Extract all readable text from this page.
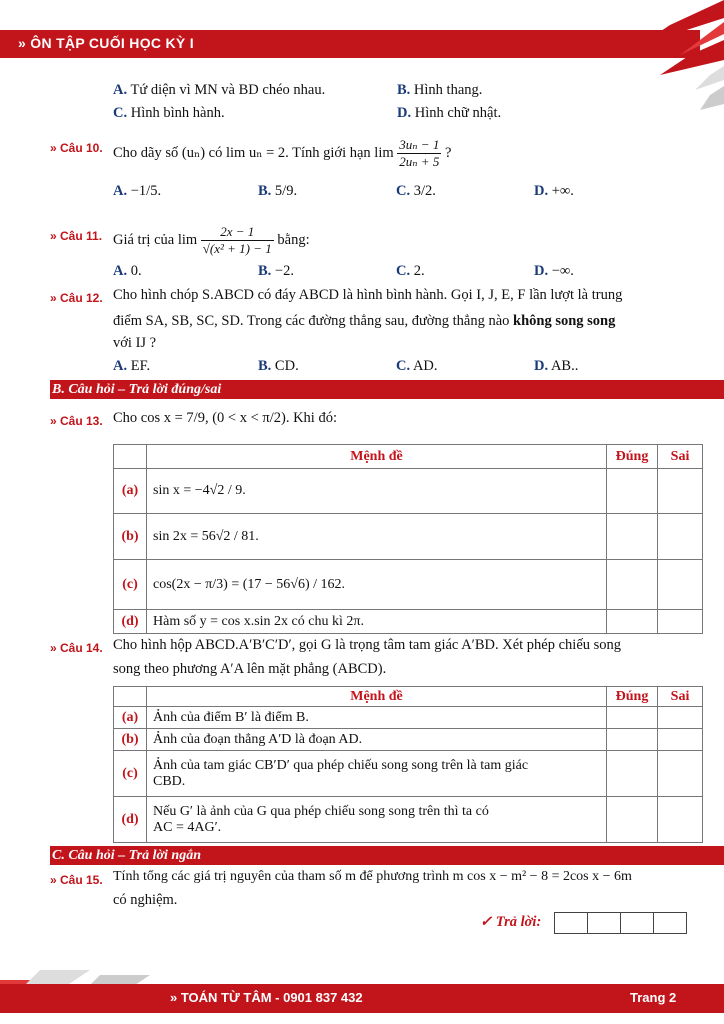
» ÔN TẬP CUỐI HỌC KỲ I
A. Tứ diện vì MN và BD chéo nhau.	B. Hình thang.
C. Hình bình hành.	D. Hình chữ nhật.
» Câu 10. Cho dãy số (uₙ) có lim uₙ = 2. Tính giới hạn $\lim \frac{\text{3uₙ − 1}}{\text{2uₙ + 5}}$ ?
A. −1/5.	B. 5/9.	C. 3/2.	D. +∞.
» Câu 11. Giá trị của $\lim \frac{2x - 1}{\text{√(x² + 1) − 1}}$ bằng:
A. 0.	B. −2.	C. 2.	D. −∞.
» Câu 12. Cho hình chóp S.ABCD có đáy ABCD là hình bình hành. Gọi I, J, E, F lần lượt là trung
điểm SA, SB, SC, SD. Trong các đường thẳng sau, đường thẳng nào không song song
với IJ ?
A. EF.	B. CD.	C. AD.	D. AB..
B. Câu hỏi – Trả lời đúng/sai
» Câu 13. Cho cos x = 7/9, (0 < x < π/2). Khi đó:
	Mệnh đề	Đúng	Sai
(a)	sin x = −4√2 / 9.		
(b)	sin 2x = 56√2 / 81.		
(c)	cos(2x − π/3) = (17 − 56√6) / 162.		
(d)	Hàm số y = cos x.sin 2x có chu kì 2π.		
» Câu 14. Cho hình hộp ABCD.A′B′C′D′, gọi G là trọng tâm tam giác A′BD. Xét phép chiếu song
song theo phương A′A lên mặt phẳng (ABCD).
	Mệnh đề	Đúng	Sai
(a)	Ảnh của điểm B′ là điểm B.		
(b)	Ảnh của đoạn thẳng A′D là đoạn AD.		
(c)	Ảnh của tam giác CB′D′ qua phép chiếu song song trên là tam giác
CBD.		

(d)	Nếu G′ là ảnh của G qua phép chiếu song song trên thì ta có
AC = 4AG′.		

C. Câu hỏi – Trả lời ngắn
» Câu 15. Tính tổng các giá trị nguyên của tham số m để phương trình m cos x − m² − 8 = 2cos x − 6m
có nghiệm.
✓ Trả lời:
» TOÁN TỪ TÂM - 0901 837 432	Trang 2
